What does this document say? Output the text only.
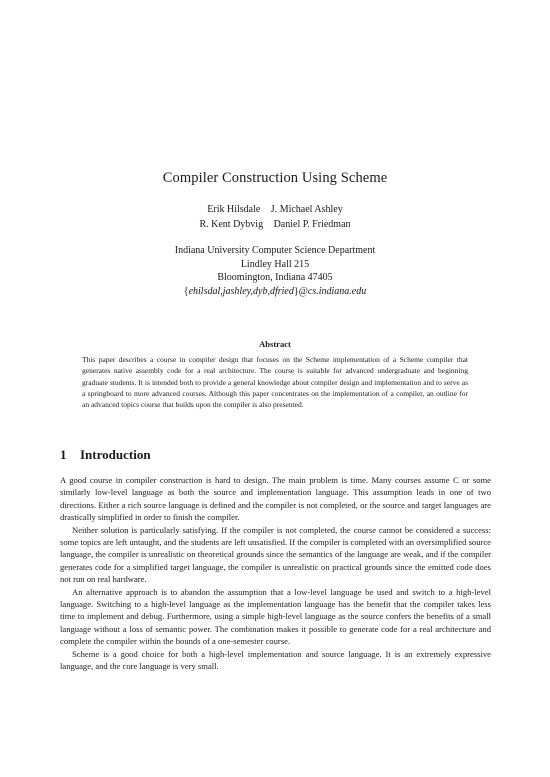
Compiler Construction Using Scheme
Erik Hilsdale J. Michael Ashley
R. Kent Dybvig Daniel P. Friedman
Indiana University Computer Science Department
Lindley Hall 215
Bloomington, Indiana 47405
{ehilsdal,jashley,dyb,dfried}@cs.indiana.edu
Abstract

This paper describes a course in compiler design that focuses on the Scheme implementation of a Scheme compiler that generates native assembly code for a real architecture. The course is suitable for advanced undergraduate and beginning graduate students. It is intended both to provide a general knowledge about compiler design and implementation and to serve as a springboard to more advanced courses. Although this paper concentrates on the implementation of a compiler, an outline for an advanced topics course that builds upon the compiler is also presented.

1 Introduction

A good course in compiler construction is hard to design. The main problem is time. Many courses assume C or some similarly low-level language as both the source and implementation language. This assumption leads in one of two directions. Either a rich source language is defined and the compiler is not completed, or the source and target languages are drastically simplified in order to finish the compiler.

Neither solution is particularly satisfying. If the compiler is not completed, the course cannot be considered a success: some topics are left untaught, and the students are left unsatisfied. If the compiler is completed with an oversimplified source language, the compiler is unrealistic on theoretical grounds since the semantics of the language are weak, and if the compiler generates code for a simplified target language, the compiler is unrealistic on practical grounds since the emitted code does not run on real hardware.

An alternative approach is to abandon the assumption that a low-level language be used and switch to a high-level language. Switching to a high-level language as the implementation language has the benefit that the compiler takes less time to implement and debug. Furthermore, using a simple high-level language as the source confers the benefits of a small language without a loss of semantic power. The combination makes it possible to generate code for a real architecture and complete the compiler within the bounds of a one-semester course.

Scheme is a good choice for both a high-level implementation and source language. It is an extremely expressive language, and the core language is very small.
